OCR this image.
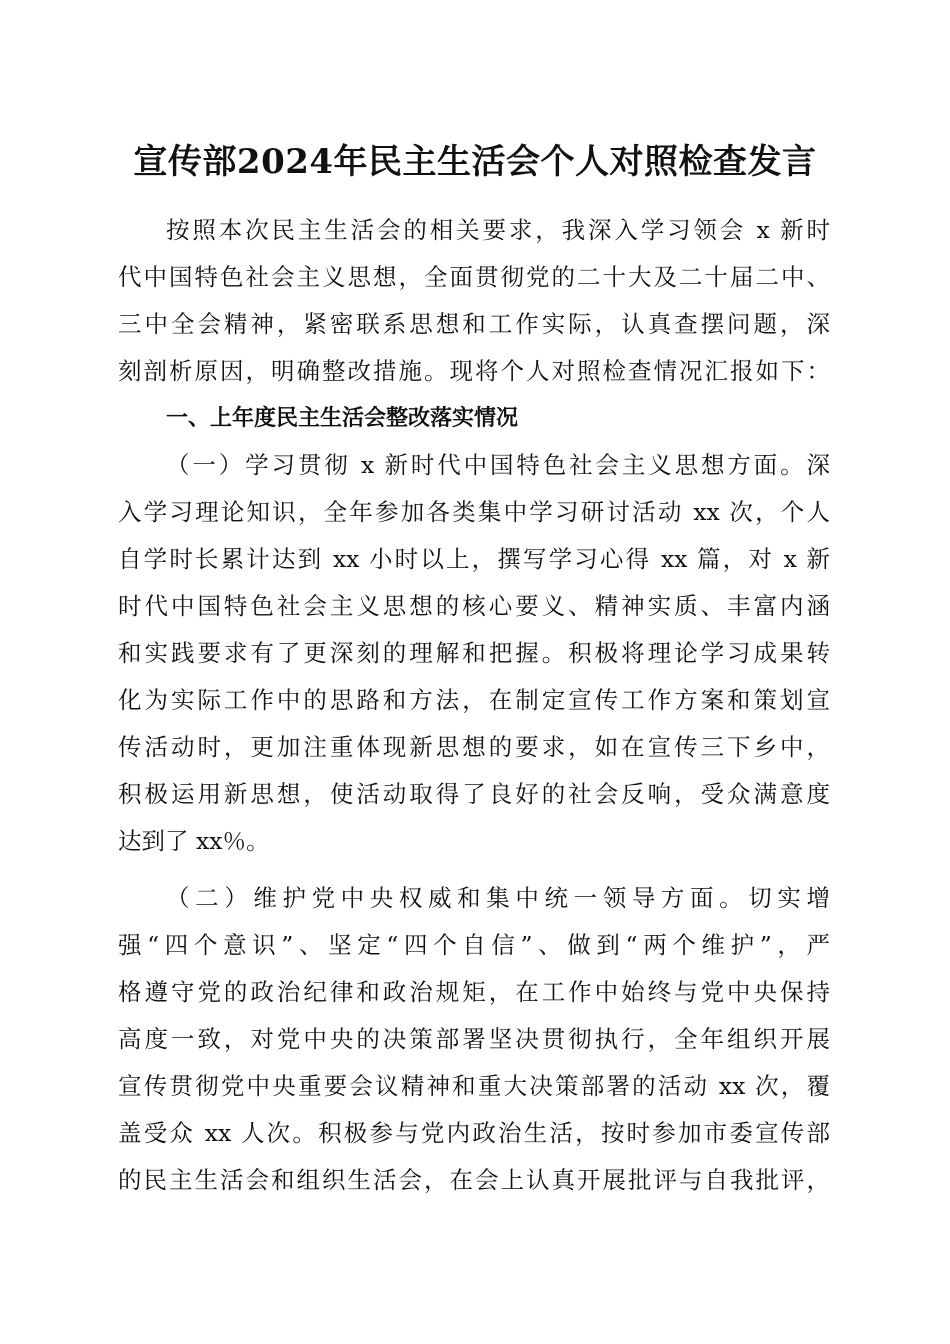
宣传部2024年民主生活会个人对照检查发言
按照本次民主生活会的相关要求，我深入学习领会 x 新时
代中国特色社会主义思想，全面贯彻党的二十大及二十届二中、
三中全会精神，紧密联系思想和工作实际，认真查摆问题，深
刻剖析原因，明确整改措施。现将个人对照检查情况汇报如下：
一、上年度民主生活会整改落实情况
（一）学习贯彻 x 新时代中国特色社会主义思想方面。深
入学习理论知识，全年参加各类集中学习研讨活动 xx 次，个人
自学时长累计达到 xx 小时以上，撰写学习心得 xx 篇，对 x 新
时代中国特色社会主义思想的核心要义、精神实质、丰富内涵
和实践要求有了更深刻的理解和把握。积极将理论学习成果转
化为实际工作中的思路和方法，在制定宣传工作方案和策划宣
传活动时，更加注重体现新思想的要求，如在宣传三下乡中，
积极运用新思想，使活动取得了良好的社会反响，受众满意度
达到了 xx％。
（二）维护党中央权威和集中统一领导方面。切实增
强“四个意识”、坚定“四个自信”、做到“两个维护”，严
格遵守党的政治纪律和政治规矩，在工作中始终与党中央保持
高度一致，对党中央的决策部署坚决贯彻执行，全年组织开展
宣传贯彻党中央重要会议精神和重大决策部署的活动 xx 次，覆
盖受众 xx 人次。积极参与党内政治生活，按时参加市委宣传部
的民主生活会和组织生活会，在会上认真开展批评与自我批评，
